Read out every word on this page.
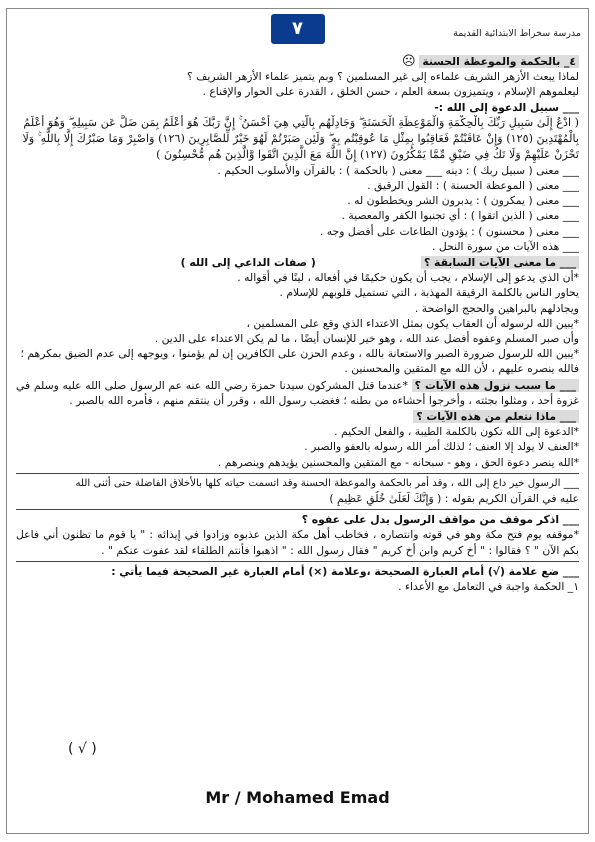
مدرسة سخراط الابتدائية القديمة
٧

٤_ بالحكمة والموعظة الحسنة ☹

لماذا يبعث الأزهر الشريف علماءه إلى غير المسلمين ؟ وبم يتميز علماء الأزهر الشريف ؟

ليعلموهم الإسلام ، ويتميزون بسعة العلم ، حسن الخلق ، القدرة على الحوار والإقناع .

___ سبيل الدعوة إلى الله :-

( ادْعُ إِلَىٰ سَبِيلِ رَبِّكَ بِالْحِكْمَةِ وَالْمَوْعِظَةِ الْحَسَنَةِ ۖ وَجَادِلْهُم بِالَّتِي هِيَ أَحْسَنُ ۚ إِنَّ رَبَّكَ هُوَ أَعْلَمُ بِمَن ضَلَّ عَن سَبِيلِهِ ۖ وَهُوَ أَعْلَمُ بِالْمُهْتَدِينَ (١٢٥) وَإِنْ عَاقَبْتُمْ فَعَاقِبُوا بِمِثْلِ مَا عُوقِبْتُم بِهِ ۖ وَلَئِن صَبَرْتُمْ لَهُوَ خَيْرٌ لِّلصَّابِرِينَ (١٢٦) وَاصْبِرْ وَمَا صَبْرُكَ إِلَّا بِاللَّهِ ۚ وَلَا تَحْزَنْ عَلَيْهِمْ وَلَا تَكُ فِي ضَيْقٍ مِّمَّا يَمْكُرُونَ (١٢٧) إِنَّ اللَّهَ مَعَ الَّذِينَ اتَّقَوا وَّالَّذِينَ هُم مُّحْسِنُونَ )

___ معنى ( سبيل ربك ) : دينه ___ معنى ( بالحكمة ) : بالقرآن والأسلوب الحكيم .

___ معنى ( الموعظة الحسنة ) : القول الرقيق .

___ معنى ( يمكرون ) : يدبرون الشر ويخططون له .

___ معنى ( الذين اتقوا ) : أي تجنبوا الكفر والمعصية .

___ معنى ( محسنون ) : يؤدون الطاعات على أفضل وجه .

___ هذه الآيات من سورة النحل .

___ ما معنى الآيات السابقة ؟                            ( صفات الداعي إلى الله )

*أن الذي يدعو إلى الإسلام ، يجب أن يكون حكيمًا في أفعاله ، لينًا في أقواله .

يحاور الناس بالكلمة الرقيقة المهذبة ، التي تستميل قلوبهم للإسلام .

ويجادلهم بالبراهين والحجج الواضحة .

*يبين الله لرسوله أن العقاب يكون بمثل الاعتداء الذي وقع على المسلمين ،

وأن صبر المسلم وعفوه أفضل عند الله ، وهو خير للإنسان أيضًا ، ما لم يكن الاعتداء على الدين .

*يبين الله للرسول ضرورة الصبر والاستعانة بالله ، وعدم الحزن على الكافرين إن لم يؤمنوا ، ويوجهه إلى عدم الضيق بمكرهم ؛

فالله ينصره عليهم ، لأن الله مع المتقين والمحسنين .

___ ما سبب نزول هذه الآيات ؟ *عندما قتل المشركون سيدنا حمزة رضي الله عنه عم الرسول صلى الله عليه وسلم في غزوة أحد ، ومثلوا بجثته ، وأخرجوا أحشاءه من بطنه ؛ فغضب رسول الله ، وقرر أن ينتقم منهم ، فأمره الله بالصبر .

___ ماذا نتعلم من هذه الآيات ؟

*الدعوة إلى الله تكون بالكلمة الطيبة ، والفعل الحكيم .

*العنف لا يولد إلا العنف ؛ لذلك أمر الله رسوله بالعفو والصبر .

*الله ينصر دعوة الحق ، وهو - سبحانه - مع المتقين والمحسنين يؤيدهم وينصرهم .

___ الرسول خير داع إلى الله ، وقد أمر بالحكمة والموعظة الحسنة وقد اتسمت حياته كلها بالأخلاق الفاضلة حتى أثنى الله

عليه في القرآن الكريم بقوله : ( وَإِنَّكَ لَعَلَىٰ خُلُقٍ عَظِيمٍ )

___ اذكر موقف من مواقف الرسول يدل على عفوه ؟

*موقفه يوم فتح مكة وهو في قوته وانتصاره ، فخاطب أهل مكة الذين عذبوه وزادوا في إيذائه : " يا قوم ما تظنون أني فاعل بكم الآن " ؟ فقالوا : " أخ كريم وابن أخ كريم " فقال رسول الله : " اذهبوا فأنتم الطلقاء لقد عفوت عنكم " .

___ ضع علامة (√) أمام العبارة الصحيحة ،وعلامة (×) أمام العبارة غير الصحيحة فيما يأتي :

١_ الحكمة واجبة في التعامل مع الأعداء .

( √ )
Mr / Mohamed Emad
